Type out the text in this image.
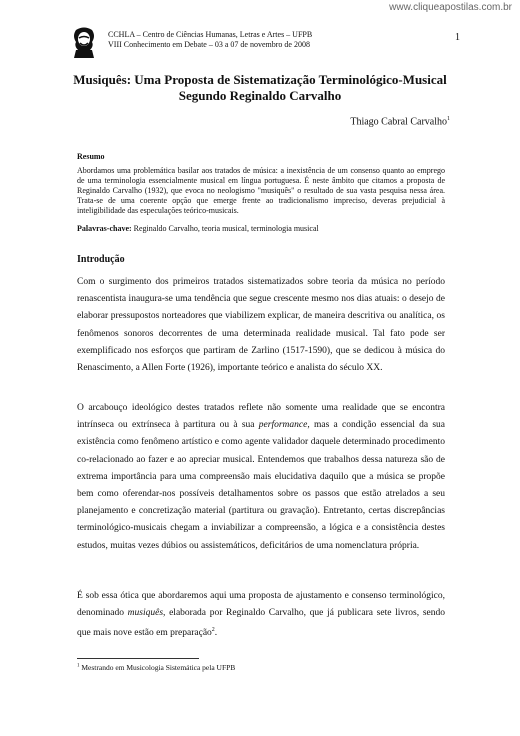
www.cliqueapostilas.com.br
CCHLA – Centro de Ciências Humanas, Letras e Artes – UFPB
VIII Conhecimento em Debate – 03 a 07 de novembro de 2008
1
Musiquês: Uma Proposta de Sistematização Terminológico-Musical
Segundo Reginaldo Carvalho
Thiago Cabral Carvalho$^1$
Resumo
Abordamos uma problemática basilar aos tratados de música: a inexistência de um consenso quanto ao emprego de uma terminologia essencialmente musical em língua portuguesa. É neste âmbito que citamos a proposta de Reginaldo Carvalho (1932), que evoca no neologismo "musiquês" o resultado de sua vasta pesquisa nessa área. Trata-se de uma coerente opção que emerge frente ao tradicionalismo impreciso, deveras prejudicial à inteligibilidade das especulações teórico-musicais.
Palavras-chave: Reginaldo Carvalho, teoria musical, terminologia musical
Introdução
Com o surgimento dos primeiros tratados sistematizados sobre teoria da música no período renascentista inaugura-se uma tendência que segue crescente mesmo nos dias atuais: o desejo de elaborar pressupostos norteadores que viabilizem explicar, de maneira descritiva ou analítica, os fenômenos sonoros decorrentes de uma determinada realidade musical. Tal fato pode ser exemplificado nos esforços que partiram de Zarlino (1517-1590), que se dedicou à música do Renascimento, a Allen Forte (1926), importante teórico e analista do século XX.
O arcabouço ideológico destes tratados reflete não somente uma realidade que se encontra intrínseca ou extrínseca à partitura ou à sua performance, mas a condição essencial da sua existência como fenômeno artístico e como agente validador daquele determinado procedimento co-relacionado ao fazer e ao apreciar musical. Entendemos que trabalhos dessa natureza são de extrema importância para uma compreensão mais elucidativa daquilo que a música se propõe bem como oferendar-nos possíveis detalhamentos sobre os passos que estão atrelados a seu planejamento e concretização material (partitura ou gravação). Entretanto, certas discrepâncias terminológico-musicais chegam a inviabilizar a compreensão, a lógica e a consistência destes estudos, muitas vezes dúbios ou assistemáticos, deficitários de uma nomenclatura própria.
É sob essa ótica que abordaremos aqui uma proposta de ajustamento e consenso terminológico, denominado musiquês, elaborada por Reginaldo Carvalho, que já publicara sete livros, sendo que mais nove estão em preparação$^2$.
$^1$ Mestrando em Musicologia Sistemática pela UFPB
